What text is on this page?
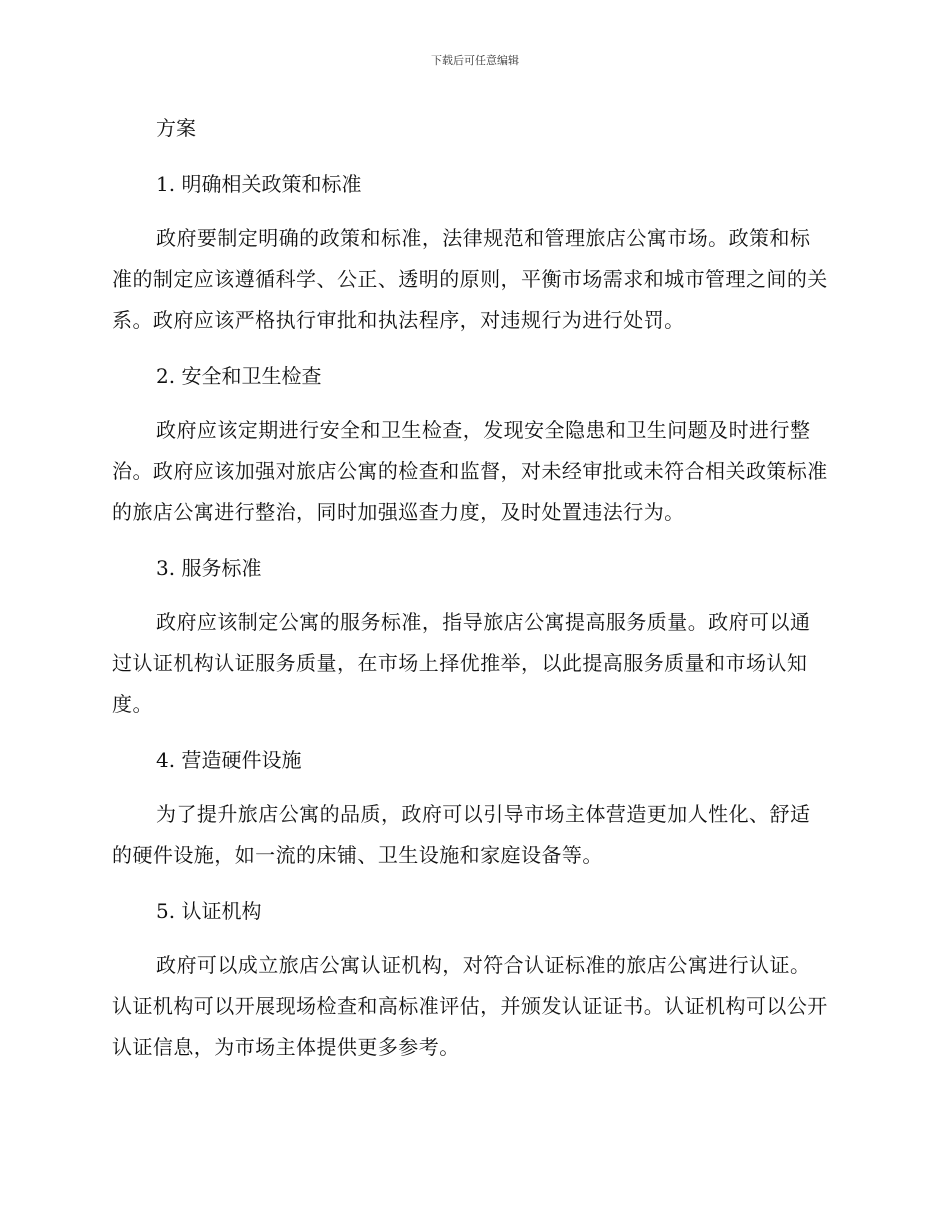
下载后可任意编辑
方案
1. 明确相关政策和标准

政府要制定明确的政策和标准，法律规范和管理旅店公寓市场。政策和标准的制定应该遵循科学、公正、透明的原则，平衡市场需求和城市管理之间的关系。政府应该严格执行审批和执法程序，对违规行为进行处罚。

2. 安全和卫生检查

政府应该定期进行安全和卫生检查，发现安全隐患和卫生问题及时进行整治。政府应该加强对旅店公寓的检查和监督，对未经审批或未符合相关政策标准的旅店公寓进行整治，同时加强巡查力度，及时处置违法行为。

3. 服务标准

政府应该制定公寓的服务标准，指导旅店公寓提高服务质量。政府可以通过认证机构认证服务质量，在市场上择优推举，以此提高服务质量和市场认知度。

4. 营造硬件设施

为了提升旅店公寓的品质，政府可以引导市场主体营造更加人性化、舒适的硬件设施，如一流的床铺、卫生设施和家庭设备等。

5. 认证机构

政府可以成立旅店公寓认证机构，对符合认证标准的旅店公寓进行认证。认证机构可以开展现场检查和高标准评估，并颁发认证证书。认证机构可以公开认证信息，为市场主体提供更多参考。
